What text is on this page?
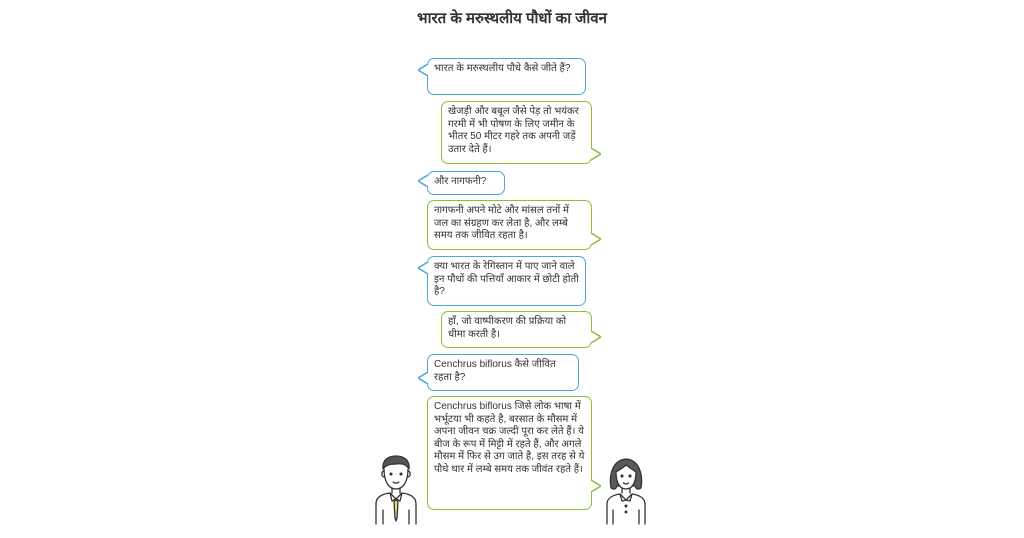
भारत के मरुस्थलीय पौधों का जीवन
भारत के मरुस्थलीय पौधे कैसे जीते हैं?
खेजड़ी और बबूल जैसे पेड़ तो भयंकर गरमी में भी पोषण के लिए जमीन के भीतर 50 मीटर गहरे तक अपनी जड़ें उतार देते हैं।
और नागफनी?
नागफनी अपने मोटे और मांसल तनों में जल का संग्रहण कर लेता है, और लम्बे समय तक जीवित रहता है।
क्या भारत के रेगिस्तान में पाए जाने वाले इन पौधों की पत्तियाँ आकार में छोटी होती है?
हाँ, जो वाष्पीकरण की प्रक्रिया को धीमा करती है।
Cenchrus biflorus कैसे जीवित रहता है?
Cenchrus biflorus जिसे लोक भाषा में भर्भूटया भी कहते है, बरसात के मौसम में अपना जीवन चक्र जल्दी पूरा कर लेते हैं। ये बीज के रूप में मिट्टी में रहते हैं, और अगले मौसम में फिर से उग जाते है, इस तरह से ये पौधे थार में लम्बे समय तक जीवंत रहते हैं।
